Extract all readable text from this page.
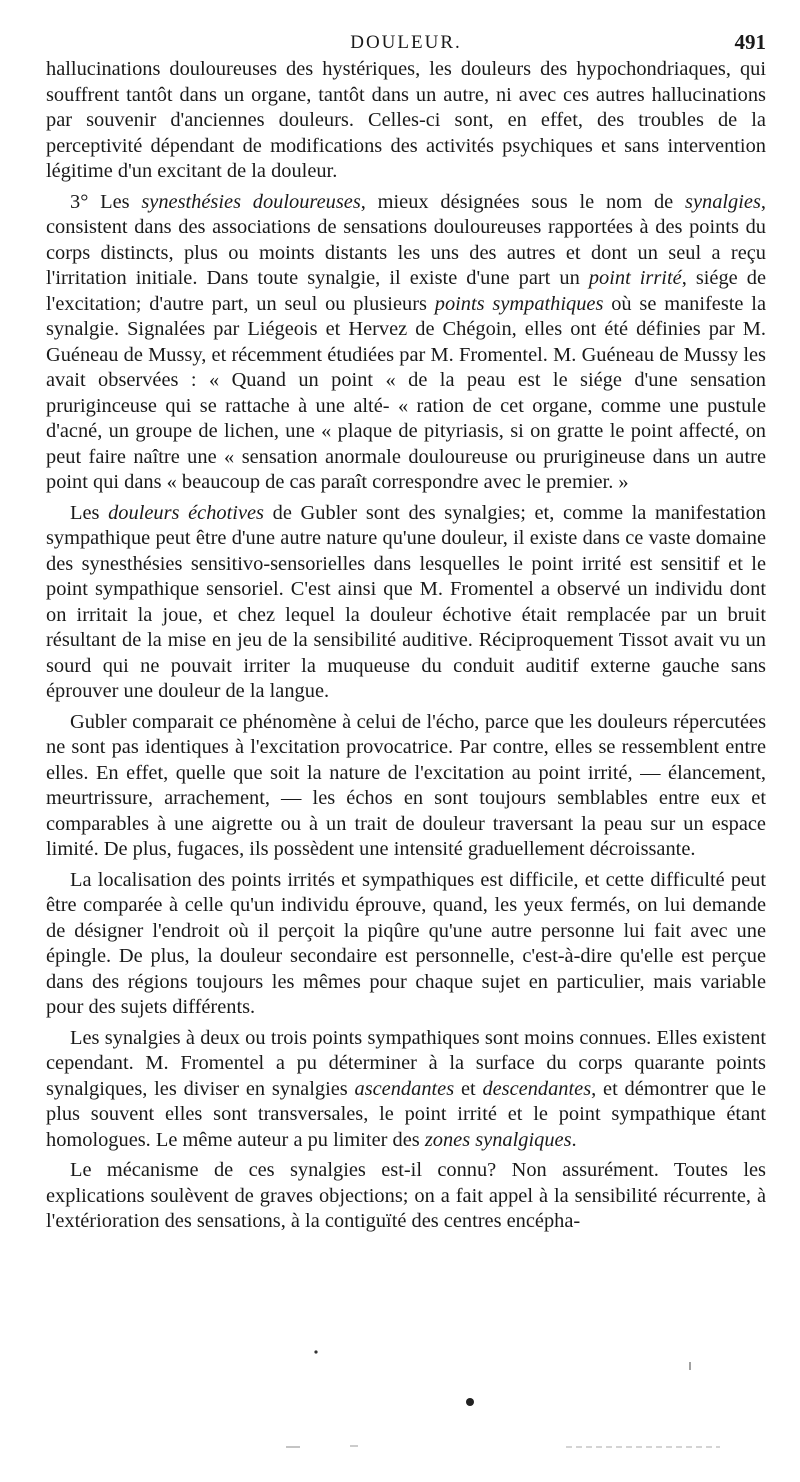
DOULEUR.	491

hallucinations douloureuses des hystériques, les douleurs des hypochondriaques, qui souffrent tantôt dans un organe, tantôt dans un autre, ni avec ces autres hallucinations par souvenir d'anciennes douleurs. Celles-ci sont, en effet, des troubles de la perceptivité dépendant de modifications des activités psychiques et sans intervention légitime d'un excitant de la douleur.

3° Les synesthésies douloureuses, mieux désignées sous le nom de synalgies, consistent dans des associations de sensations douloureuses rapportées à des points du corps distincts, plus ou moints distants les uns des autres et dont un seul a reçu l'irritation initiale. Dans toute synalgie, il existe d'une part un point irrité, siége de l'excitation; d'autre part, un seul ou plusieurs points sympathiques où se manifeste la synalgie. Signalées par Liégeois et Hervez de Chégoin, elles ont été définies par M. Guéneau de Mussy, et récemment étudiées par M. Fromentel. M. Guéneau de Mussy les avait observées : « Quand un point « de la peau est le siége d'une sensation pruriginceuse qui se rattache à une alté- « ration de cet organe, comme une pustule d'acné, un groupe de lichen, une « plaque de pityriasis, si on gratte le point affecté, on peut faire naître une « sensation anormale douloureuse ou prurigineuse dans un autre point qui dans « beaucoup de cas paraît correspondre avec le premier. »

Les douleurs échotives de Gubler sont des synalgies; et, comme la manifestation sympathique peut être d'une autre nature qu'une douleur, il existe dans ce vaste domaine des synesthésies sensitivo-sensorielles dans lesquelles le point irrité est sensitif et le point sympathique sensoriel. C'est ainsi que M. Fromentel a observé un individu dont on irritait la joue, et chez lequel la douleur échotive était remplacée par un bruit résultant de la mise en jeu de la sensibilité auditive. Réciproquement Tissot avait vu un sourd qui ne pouvait irriter la muqueuse du conduit auditif externe gauche sans éprouver une douleur de la langue.

Gubler comparait ce phénomène à celui de l'écho, parce que les douleurs répercutées ne sont pas identiques à l'excitation provocatrice. Par contre, elles se ressemblent entre elles. En effet, quelle que soit la nature de l'excitation au point irrité, — élancement, meurtrissure, arrachement, — les échos en sont toujours semblables entre eux et comparables à une aigrette ou à un trait de douleur traversant la peau sur un espace limité. De plus, fugaces, ils possèdent une intensité graduellement décroissante.

La localisation des points irrités et sympathiques est difficile, et cette difficulté peut être comparée à celle qu'un individu éprouve, quand, les yeux fermés, on lui demande de désigner l'endroit où il perçoit la piqûre qu'une autre personne lui fait avec une épingle. De plus, la douleur secondaire est personnelle, c'est-à-dire qu'elle est perçue dans des régions toujours les mêmes pour chaque sujet en particulier, mais variable pour des sujets différents.

Les synalgies à deux ou trois points sympathiques sont moins connues. Elles existent cependant. M. Fromentel a pu déterminer à la surface du corps quarante points synalgiques, les diviser en synalgies ascendantes et descendantes, et démontrer que le plus souvent elles sont transversales, le point irrité et le point sympathique étant homologues. Le même auteur a pu limiter des zones synalgiques.

Le mécanisme de ces synalgies est-il connu? Non assurément. Toutes les explications soulèvent de graves objections; on a fait appel à la sensibilité récurrente, à l'extérioration des sensations, à la contiguïté des centres encépha-
